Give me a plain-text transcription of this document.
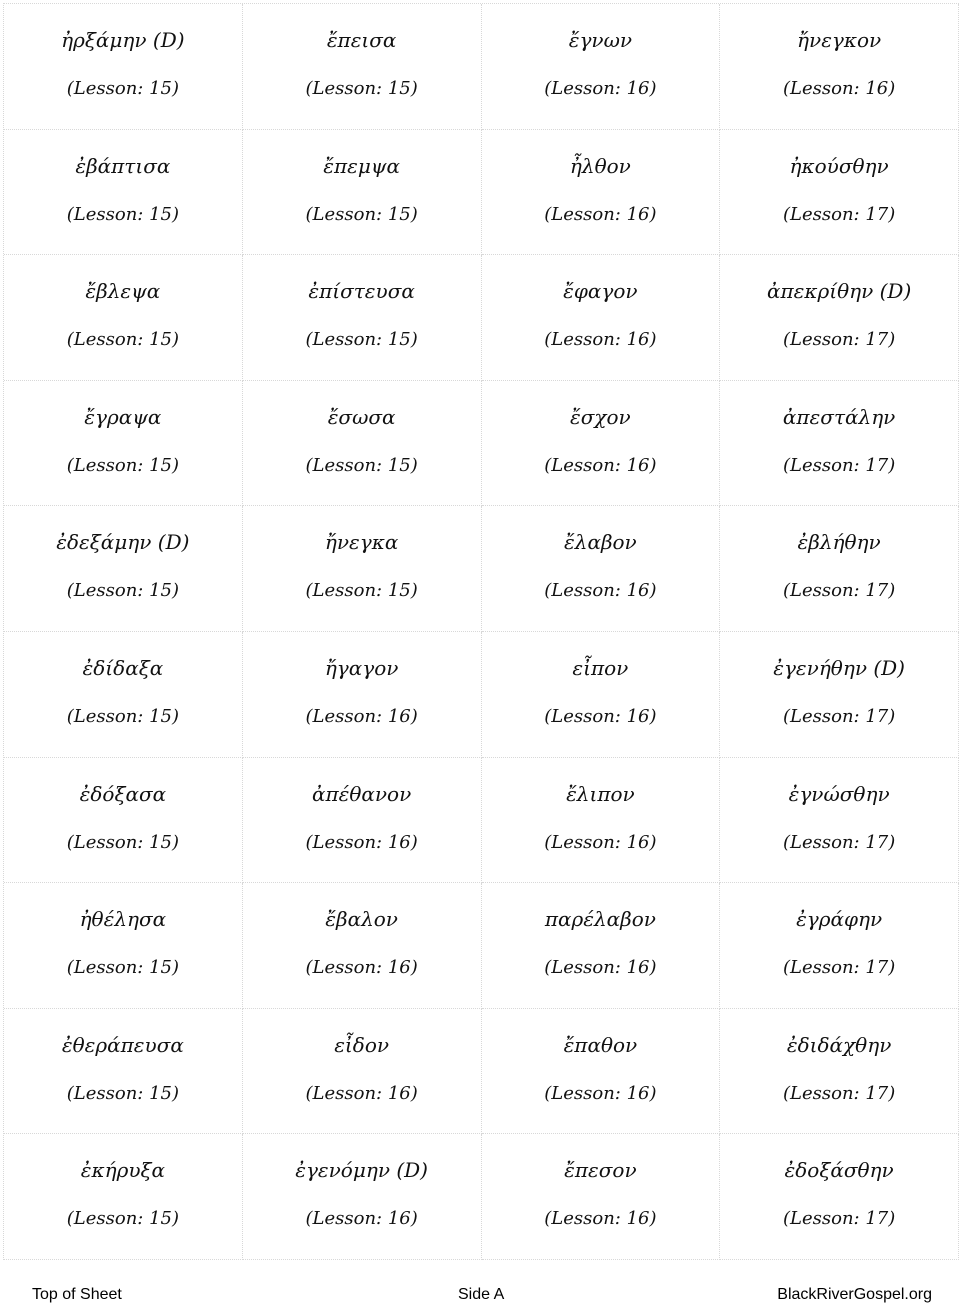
ἠρξάμην (D)
(Lesson: 15)
ἔπεισα
(Lesson: 15)
ἔγνων
(Lesson: 16)
ἤνεγκον
(Lesson: 16)
ἐβάπτισα
(Lesson: 15)
ἔπεμψα
(Lesson: 15)
ἦλθον
(Lesson: 16)
ἠκούσθην
(Lesson: 17)
ἔβλεψα
(Lesson: 15)
ἐπίστευσα
(Lesson: 15)
ἔφαγον
(Lesson: 16)
ἀπεκρίθην (D)
(Lesson: 17)
ἔγραψα
(Lesson: 15)
ἔσωσα
(Lesson: 15)
ἔσχον
(Lesson: 16)
ἀπεστάλην
(Lesson: 17)
ἐδεξάμην (D)
(Lesson: 15)
ἤνεγκα
(Lesson: 15)
ἔλαβον
(Lesson: 16)
ἐβλήθην
(Lesson: 17)
ἐδίδαξα
(Lesson: 15)
ἤγαγον
(Lesson: 16)
εἶπον
(Lesson: 16)
ἐγενήθην (D)
(Lesson: 17)
ἐδόξασα
(Lesson: 15)
ἀπέθανον
(Lesson: 16)
ἔλιπον
(Lesson: 16)
ἐγνώσθην
(Lesson: 17)
ἠθέλησα
(Lesson: 15)
ἔβαλον
(Lesson: 16)
παρέλαβον
(Lesson: 16)
ἐγράφην
(Lesson: 17)
ἐθεράπευσα
(Lesson: 15)
εἶδον
(Lesson: 16)
ἔπαθον
(Lesson: 16)
ἐδιδάχθην
(Lesson: 17)
ἐκήρυξα
(Lesson: 15)
ἐγενόμην (D)
(Lesson: 16)
ἔπεσον
(Lesson: 16)
ἐδοξάσθην
(Lesson: 17)
Top of Sheet	Side A	BlackRiverGospel.org
